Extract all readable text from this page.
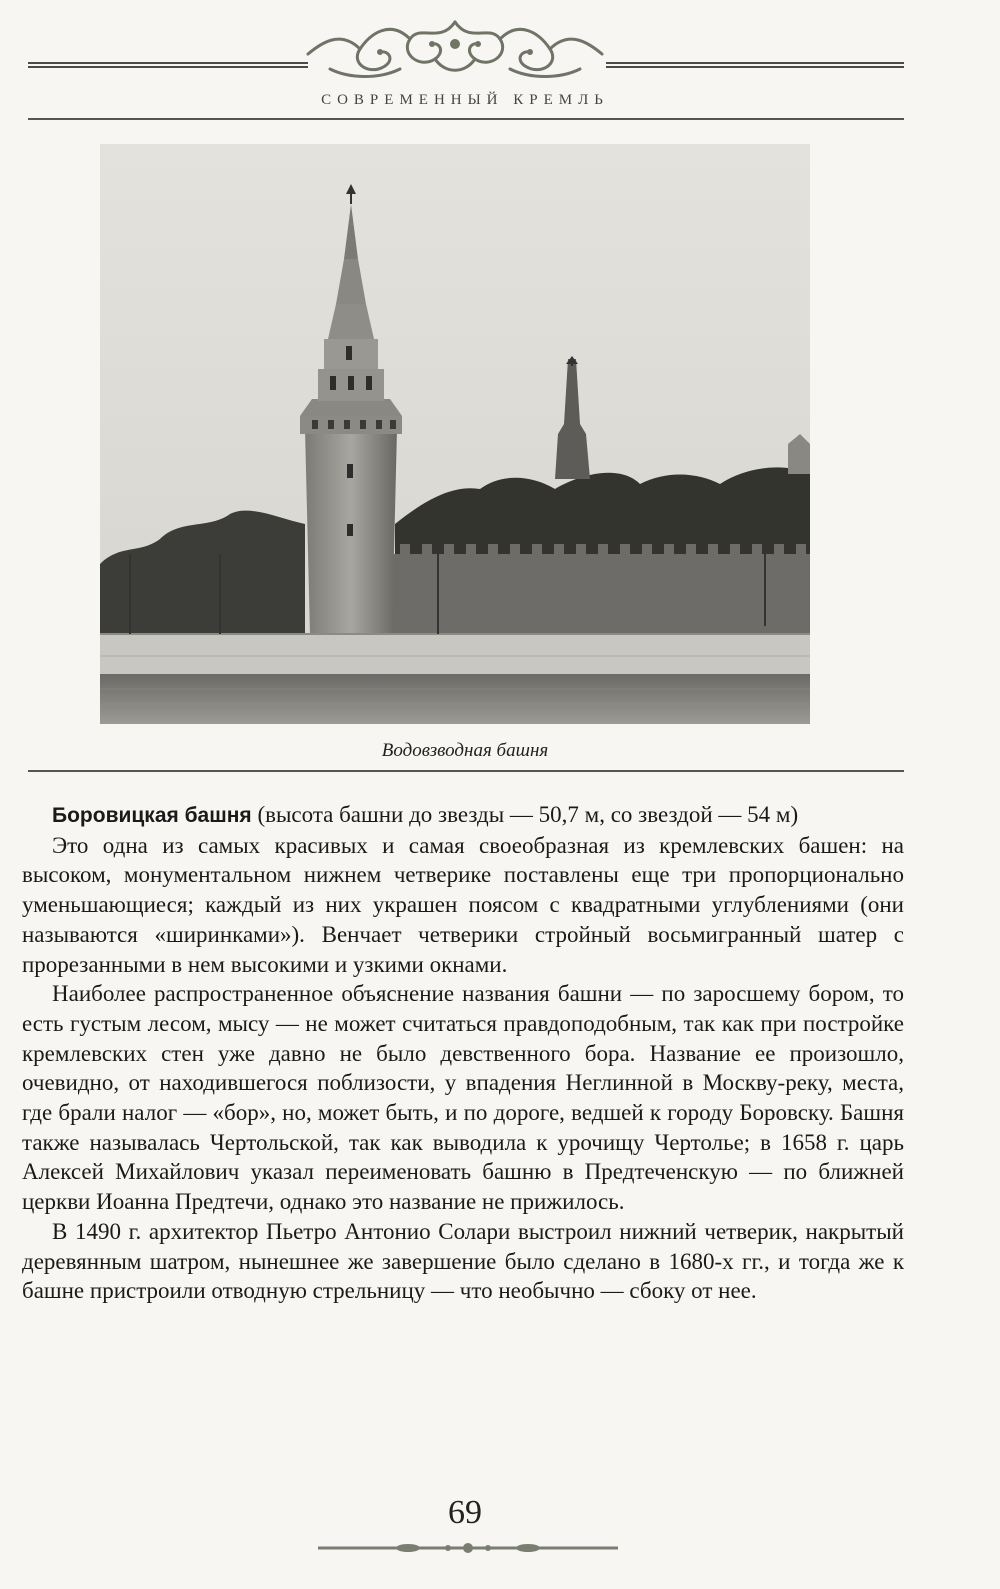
СОВРЕМЕННЫЙ КРЕМЛЬ
Водовзводная башня

Боровицкая башня (высота башни до звезды — 50,7 м, со звездой — 54 м)

Это одна из самых красивых и самая своеобразная из кремлевских башен: на высоком, монументальном нижнем четверике поставлены еще три пропорционально уменьшающиеся; каждый из них украшен поясом с квадратными углублениями (они называются «ширинками»). Венчает четверики стройный восьмигранный шатер с прорезанными в нем высокими и узкими окнами.

Наиболее распространенное объяснение названия башни — по заросшему бором, то есть густым лесом, мысу — не может считаться правдоподобным, так как при постройке кремлевских стен уже давно не было девственного бора. Название ее произошло, очевидно, от находившегося поблизости, у впадения Неглинной в Москву-реку, места, где брали налог — «бор», но, может быть, и по дороге, ведшей к городу Боровску. Башня также называлась Чертольской, так как выводила к урочищу Чертолье; в 1658 г. царь Алексей Михайлович указал переименовать башню в Предтеченскую — по ближней церкви Иоанна Предтечи, однако это название не прижилось.

В 1490 г. архитектор Пьетро Антонио Солари выстроил нижний четверик, накрытый деревянным шатром, нынешнее же завершение было сделано в 1680-х гг., и тогда же к башне пристроили отводную стрельницу — что необычно — сбоку от нее.

69
